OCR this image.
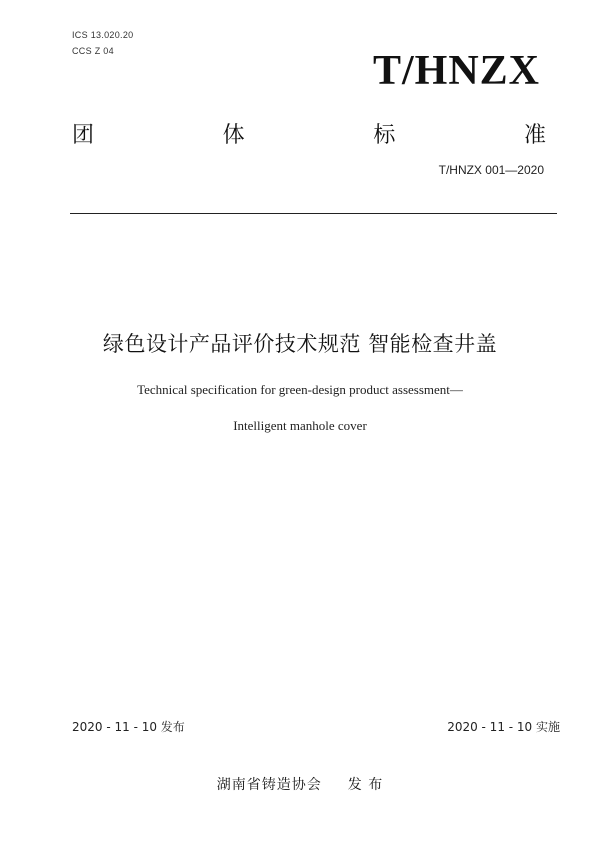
ICS 13.020.20
CCS Z 04	T/HNZX
团	体	标	准
T/HNZX 001—2020
绿色设计产品评价技术规范 智能检查井盖
Technical specification for green-design product assessment—
Intelligent manhole cover
2020 - 11 - 10 发布	2020 - 11 - 10 实施
湖南省铸造协会 发 布
